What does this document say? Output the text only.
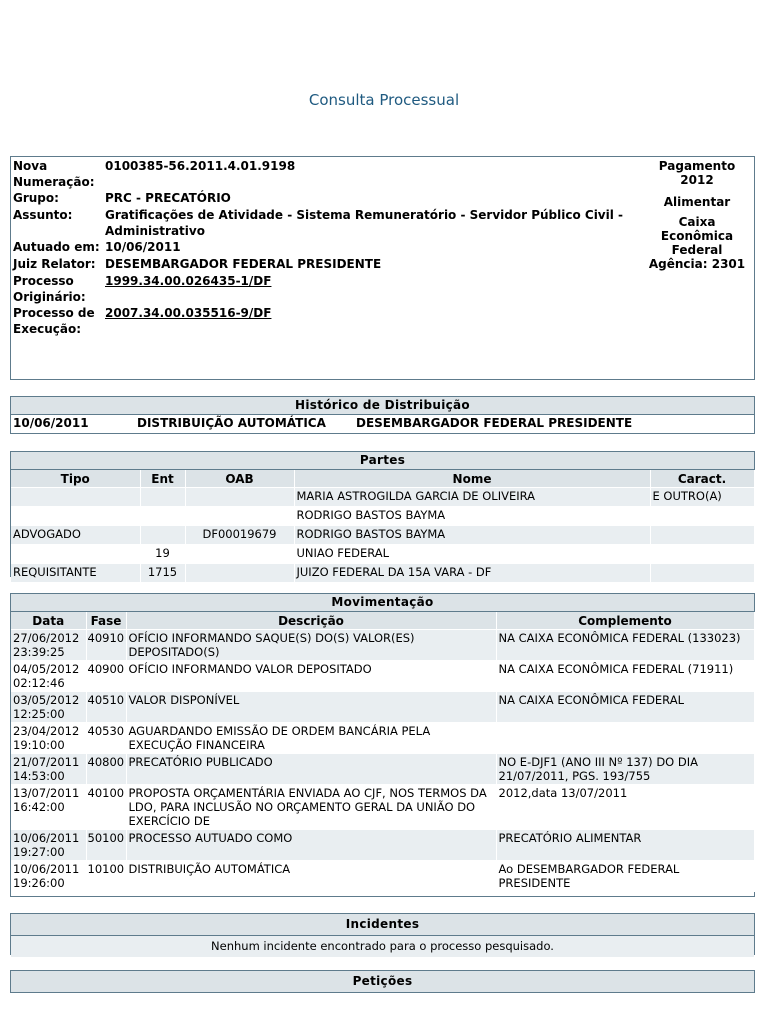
Consulta Processual
Nova Numeração:	0100385-56.2011.4.01.9198
Grupo:	PRC - PRECATÓRIO
Assunto:	Gratificações de Atividade - Sistema Remuneratório - Servidor Público Civil - Administrativo
Autuado em:	10/06/2011
Juiz Relator:	DESEMBARGADOR FEDERAL PRESIDENTE
Processo Originário:	1999.34.00.026435-1/DF
Processo de Execução:	2007.34.00.035516-9/DF
Pagamento
2012
Alimentar
Caixa
Econômica
Federal
Agência: 2301
Histórico de Distribuição
10/06/2011	DISTRIBUIÇÃO AUTOMÁTICA	DESEMBARGADOR FEDERAL PRESIDENTE
Partes
Tipo	Ent	OAB	Nome	Caract.
			MARIA ASTROGILDA GARCIA DE OLIVEIRA	E OUTRO(A)
			RODRIGO BASTOS BAYMA	
ADVOGADO		DF00019679	RODRIGO BASTOS BAYMA	
	19		UNIAO FEDERAL	
REQUISITANTE	1715		JUIZO FEDERAL DA 15A VARA - DF	
Movimentação
Data	Fase	Descrição	Complemento
27/06/2012 23:39:25	40910	OFÍCIO INFORMANDO SAQUE(S) DO(S) VALOR(ES) DEPOSITADO(S)	NA CAIXA ECONÔMICA FEDERAL (133023)
04/05/2012 02:12:46	40900	OFÍCIO INFORMANDO VALOR DEPOSITADO	NA CAIXA ECONÔMICA FEDERAL (71911)
03/05/2012 12:25:00	40510	VALOR DISPONÍVEL	NA CAIXA ECONÔMICA FEDERAL
23/04/2012 19:10:00	40530	AGUARDANDO EMISSÃO DE ORDEM BANCÁRIA PELA EXECUÇÃO FINANCEIRA	
21/07/2011 14:53:00	40800	PRECATÓRIO PUBLICADO	NO E-DJF1 (ANO III Nº 137) DO DIA 21/07/2011, PGS. 193/755
13/07/2011 16:42:00	40100	PROPOSTA ORÇAMENTÁRIA ENVIADA AO CJF, NOS TERMOS DA LDO, PARA INCLUSÃO NO ORÇAMENTO GERAL DA UNIÃO DO EXERCÍCIO DE	2012,data 13/07/2011
10/06/2011 19:27:00	50100	PROCESSO AUTUADO COMO	PRECATÓRIO ALIMENTAR
10/06/2011 19:26:00	10100	DISTRIBUIÇÃO AUTOMÁTICA	Ao DESEMBARGADOR FEDERAL PRESIDENTE
Incidentes
Nenhum incidente encontrado para o processo pesquisado.
Petições
